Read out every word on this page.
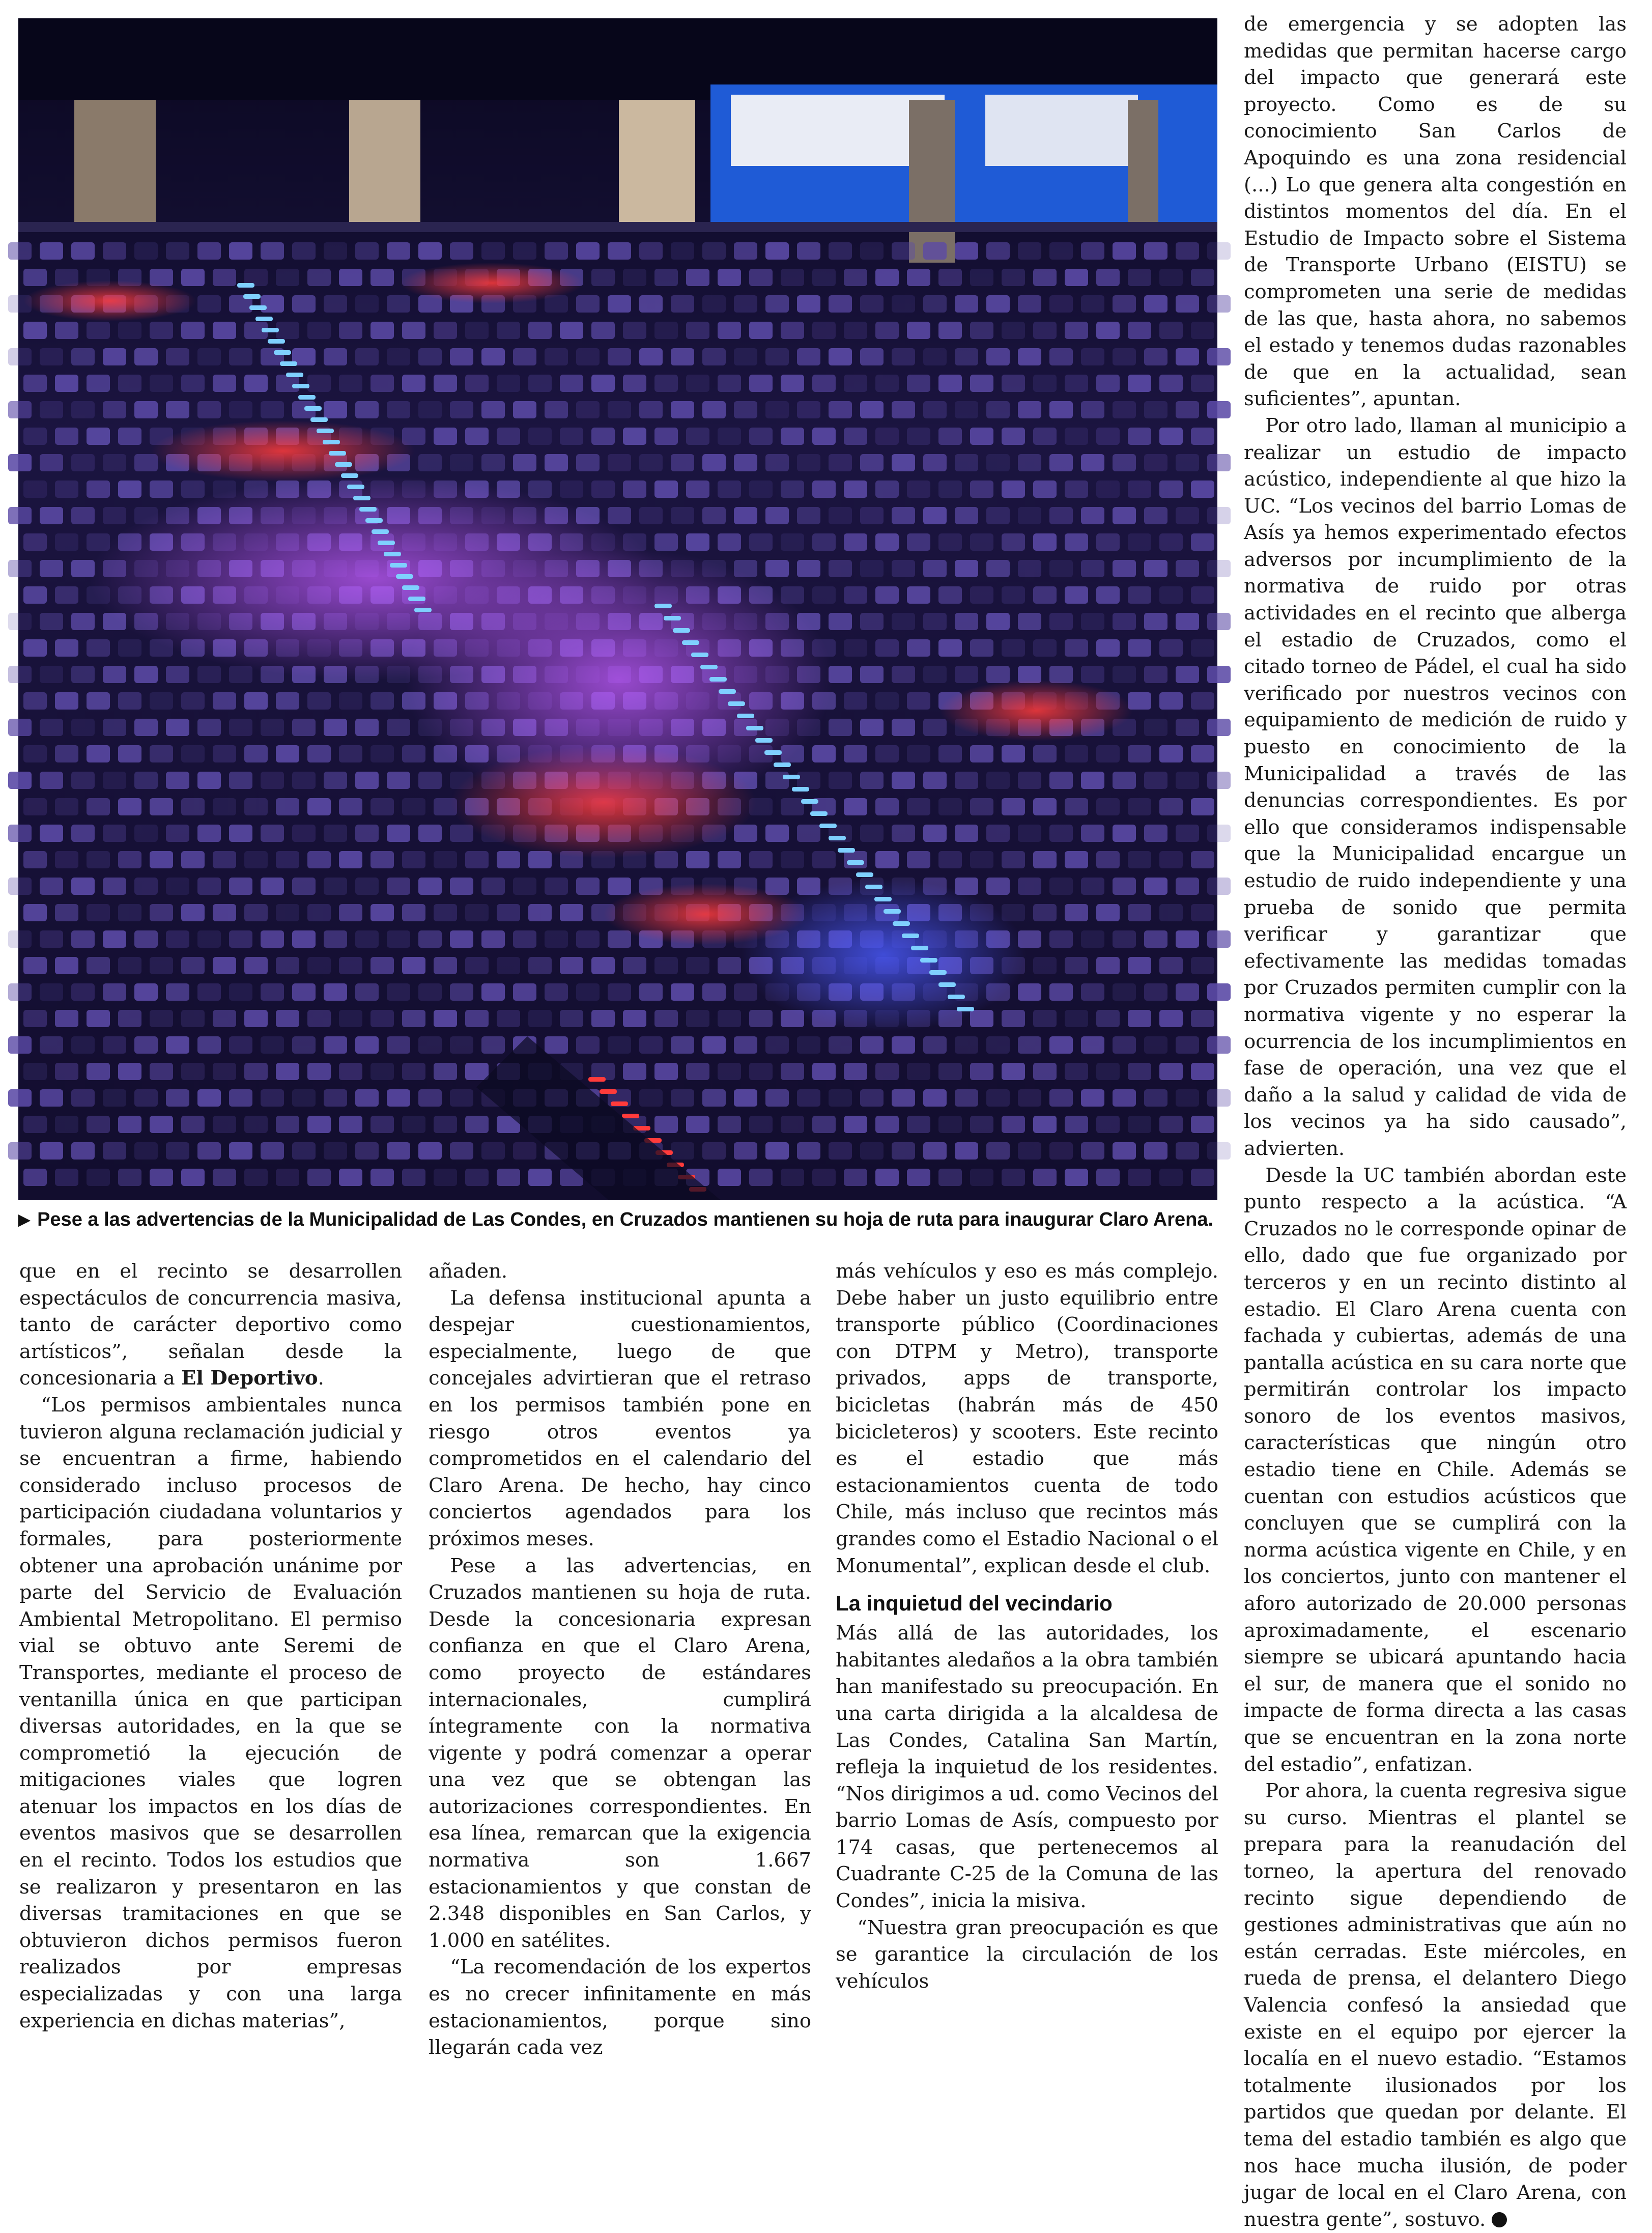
▶ Pese a las advertencias de la Municipalidad de Las Condes, en Cruzados mantienen su hoja de ruta para inaugurar Claro Arena.

que en el recinto se desarrollen espectáculos de concurrencia masiva, tanto de carácter deportivo como artísticos”, señalan desde la concesionaria a El Deportivo.

“Los permisos ambientales nunca tuvieron alguna reclamación judicial y se encuentran a firme, habiendo considerado incluso procesos de participación ciudadana voluntarios y formales, para posteriormente obtener una aprobación unánime por parte del Servicio de Evaluación Ambiental Metropolitano. El permiso vial se obtuvo ante Seremi de Transportes, mediante el proceso de ventanilla única en que participan diversas autoridades, en la que se comprometió la ejecución de mitigaciones viales que logren atenuar los impactos en los días de eventos masivos que se desarrollen en el recinto. Todos los estudios que se realizaron y presentaron en las diversas tramitaciones en que se obtuvieron dichos permisos fueron realizados por empresas especializadas y con una larga experiencia en dichas materias”,

añaden.

La defensa institucional apunta a despejar cuestionamientos, especialmente, luego de que concejales advirtieran que el retraso en los permisos también pone en riesgo otros eventos ya comprometidos en el calendario del Claro Arena. De hecho, hay cinco conciertos agendados para los próximos meses.

Pese a las advertencias, en Cruzados mantienen su hoja de ruta. Desde la concesionaria expresan confianza en que el Claro Arena, como proyecto de estándares internacionales, cumplirá íntegramente con la normativa vigente y podrá comenzar a operar una vez que se obtengan las autorizaciones correspondientes. En esa línea, remarcan que la exigencia normativa son 1.667 estacionamientos y que constan de 2.348 disponibles en San Carlos, y 1.000 en satélites.

“La recomendación de los expertos es no crecer infinitamente en más estacionamientos, porque sino llegarán cada vez

más vehículos y eso es más complejo. Debe haber un justo equilibrio entre transporte público (Coordinaciones con DTPM y Metro), transporte privados, apps de transporte, bicicletas (habrán más de 450 bicicleteros) y scooters. Este recinto es el estadio que más estacionamientos cuenta de todo Chile, más incluso que recintos más grandes como el Estadio Nacional o el Monumental”, explican desde el club.

La inquietud del vecindario

Más allá de las autoridades, los habitantes aledaños a la obra también han manifestado su preocupación. En una carta dirigida a la alcaldesa de Las Condes, Catalina San Martín, refleja la inquietud de los residentes. “Nos dirigimos a ud. como Vecinos del barrio Lomas de Asís, compuesto por 174 casas, que pertenecemos al Cuadrante C-25 de la Comuna de las Condes”, inicia la misiva.

“Nuestra gran preocupación es que se garantice la circulación de los vehículos

de emergencia y se adopten las medidas que permitan hacerse cargo del impacto que generará este proyecto. Como es de su conocimiento San Carlos de Apoquindo es una zona residencial (...) Lo que genera alta congestión en distintos momentos del día. En el Estudio de Impacto sobre el Sistema de Transporte Urbano (EISTU) se comprometen una serie de medidas de las que, hasta ahora, no sabemos el estado y tenemos dudas razonables de que en la actualidad, sean suficientes”, apuntan.

Por otro lado, llaman al municipio a realizar un estudio de impacto acústico, independiente al que hizo la UC. “Los vecinos del barrio Lomas de Asís ya hemos experimentado efectos adversos por incumplimiento de la normativa de ruido por otras actividades en el recinto que alberga el estadio de Cruzados, como el citado torneo de Pádel, el cual ha sido verificado por nuestros vecinos con equipamiento de medición de ruido y puesto en conocimiento de la Municipalidad a través de las denuncias correspondientes. Es por ello que consideramos indispensable que la Municipalidad encargue un estudio de ruido independiente y una prueba de sonido que permita verificar y garantizar que efectivamente las medidas tomadas por Cruzados permiten cumplir con la normativa vigente y no esperar la ocurrencia de los incumplimientos en fase de operación, una vez que el daño a la salud y calidad de vida de los vecinos ya ha sido causado”, advierten.

Desde la UC también abordan este punto respecto a la acústica. “A Cruzados no le corresponde opinar de ello, dado que fue organizado por terceros y en un recinto distinto al estadio. El Claro Arena cuenta con fachada y cubiertas, además de una pantalla acústica en su cara norte que permitirán controlar los impacto sonoro de los eventos masivos, características que ningún otro estadio tiene en Chile. Además se cuentan con estudios acústicos que concluyen que se cumplirá con la norma acústica vigente en Chile, y en los conciertos, junto con mantener el aforo autorizado de 20.000 personas aproximadamente, el escenario siempre se ubicará apuntando hacia el sur, de manera que el sonido no impacte de forma directa a las casas que se encuentran en la zona norte del estadio”, enfatizan.

Por ahora, la cuenta regresiva sigue su curso. Mientras el plantel se prepara para la reanudación del torneo, la apertura del renovado recinto sigue dependiendo de gestiones administrativas que aún no están cerradas. Este miércoles, en rueda de prensa, el delantero Diego Valencia confesó la ansiedad que existe en el equipo por ejercer la localía en el nuevo estadio. “Estamos totalmente ilusionados por los partidos que quedan por delante. El tema del estadio también es algo que nos hace mucha ilusión, de poder jugar de local en el Claro Arena, con nuestra gente”, sostuvo.
